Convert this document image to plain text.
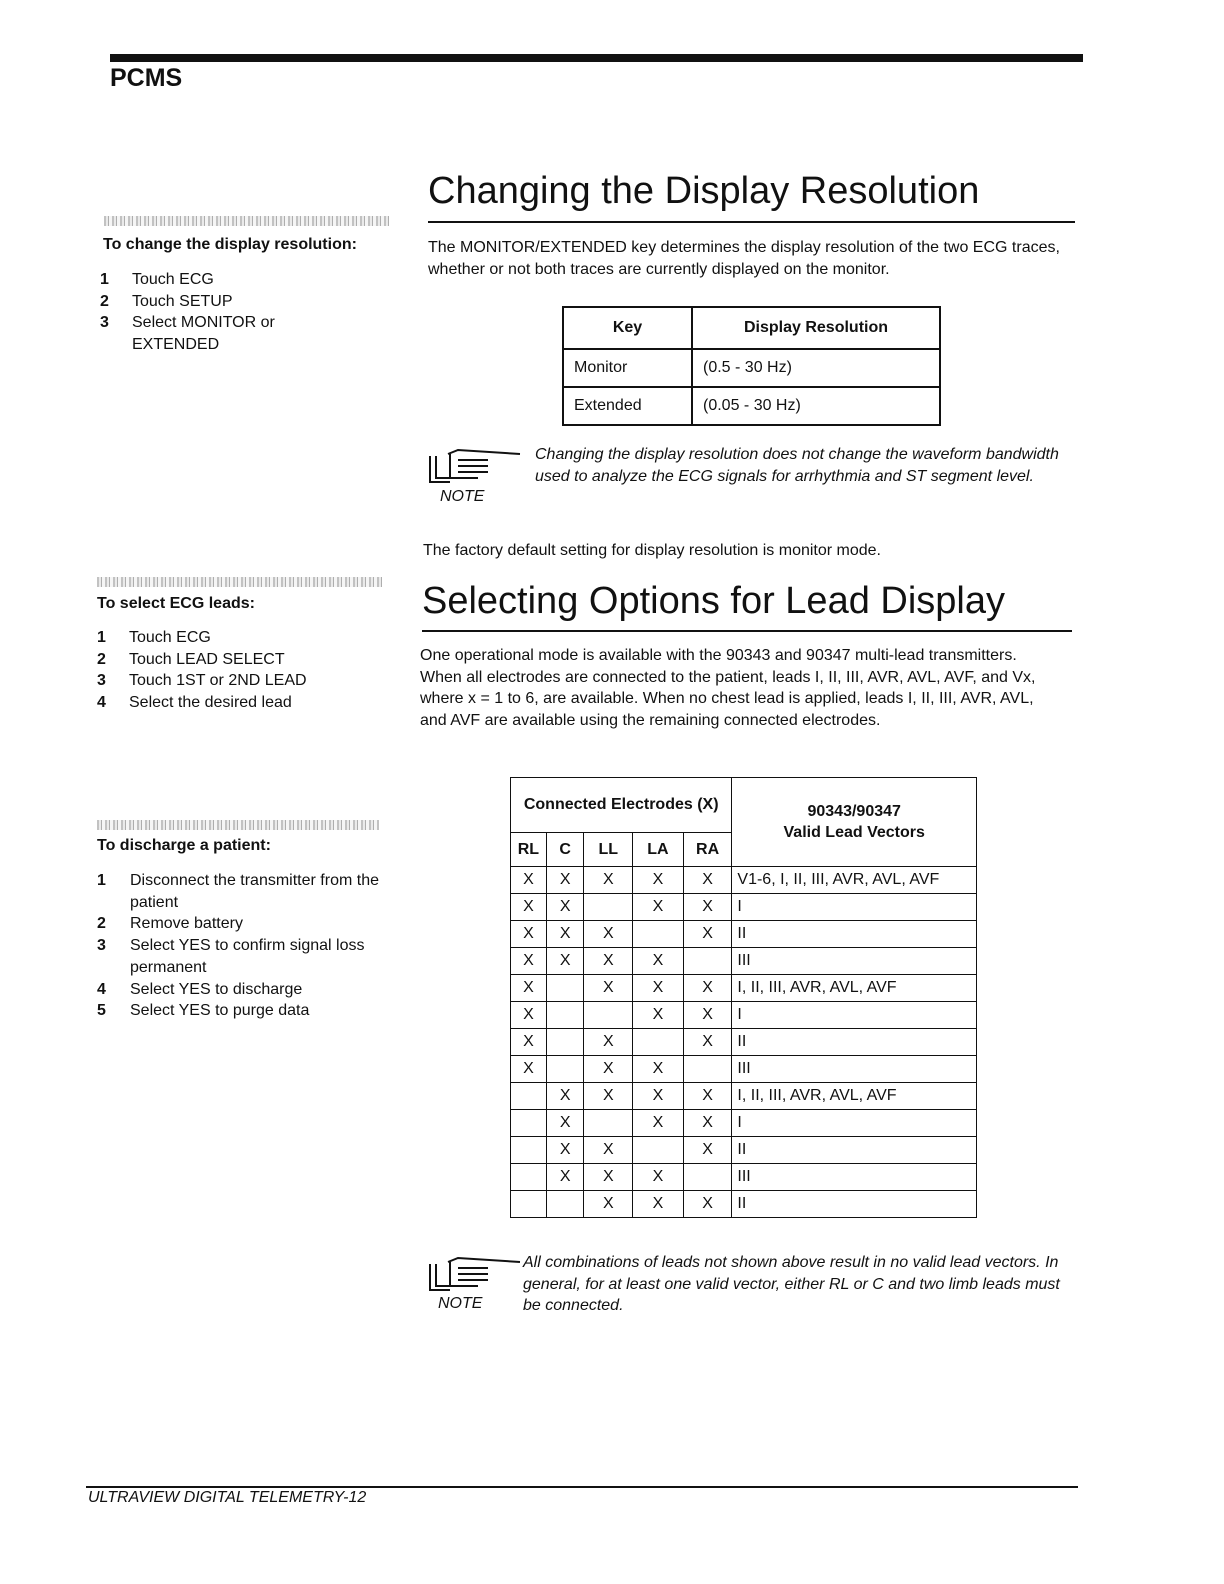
PCMS
To change the display resolution:
1	Touch ECG
2	Touch SETUP
3	Select MONITOR or EXTENDED
Changing the Display Resolution
The MONITOR/EXTENDED key determines the display resolution of the two ECG traces, whether or not both traces are currently displayed on the monitor.
Key	Display Resolution
Monitor	(0.5 - 30 Hz)
Extended	(0.05 - 30 Hz)
NOTE
Changing the display resolution does not change the waveform bandwidth used to analyze the ECG signals for arrhythmia and ST segment level.
The factory default setting for display resolution is monitor mode.
To select ECG leads:
1	Touch ECG
2	Touch LEAD SELECT
3	Touch 1ST or 2ND LEAD
4	Select the desired lead
Selecting Options for Lead Display
One operational mode is available with the 90343 and 90347 multi-lead transmitters. When all electrodes are connected to the patient, leads I, II, III, AVR, AVL, AVF, and Vx, where x = 1 to 6, are available. When no chest lead is applied, leads I, II, III, AVR, AVL, and AVF are available using the remaining connected electrodes.
Connected Electrodes (X)					90343/90347
Valid Lead Vectors
RL	C	LL	LA	RA	
X	X	X	X	X	V1-6, I, II, III, AVR, AVL, AVF
X	X		X	X	I
X	X	X		X	II
X	X	X	X		III
X		X	X	X	I, II, III, AVR, AVL, AVF
X			X	X	I
X		X		X	II
X		X	X		III
	X	X	X	X	I, II, III, AVR, AVL, AVF
	X		X	X	I
	X	X		X	II
	X	X	X		III
		X	X	X	II
NOTE
All combinations of leads not shown above result in no valid lead vectors. In general, for at least one valid vector, either RL or C and two limb leads must be connected.
To discharge a patient:
1	Disconnect the transmitter from the patient
2	Remove battery
3	Select YES to confirm signal loss permanent
4	Select YES to discharge
5	Select YES to purge data
ULTRAVIEW DIGITAL TELEMETRY-12
